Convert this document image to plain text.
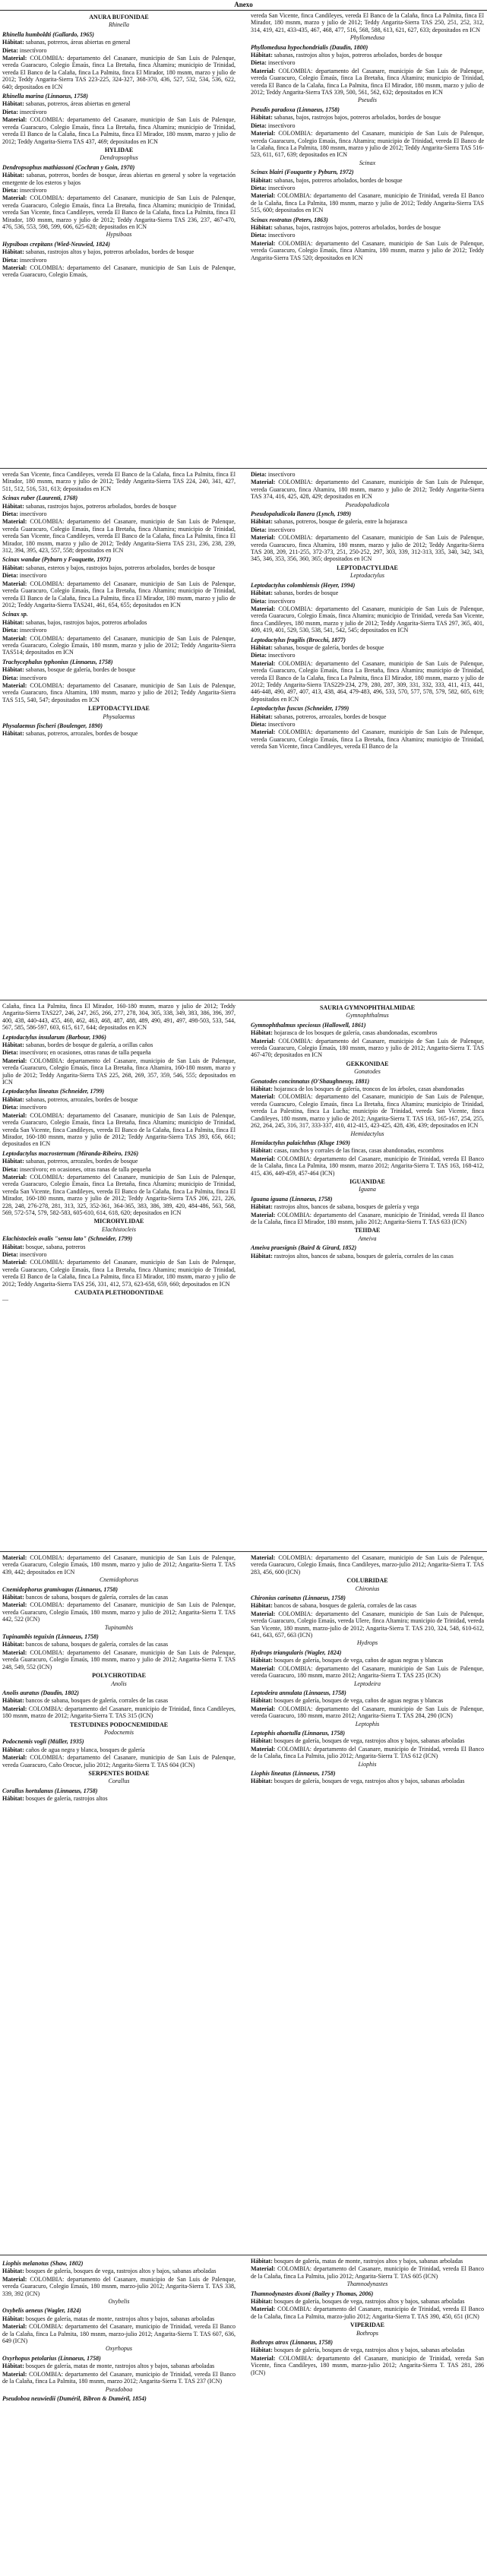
Anexo
ANURA BUFONIDAE
Rhinella
Rhinella humboldti (Gallardo, 1965)

Hábitat: sabanas, potreros, áreas abiertas en general

Dieta: insectívoro

Material: COLOMBIA: departamento del Casanare, municipio de San Luis de Palenque, vereda Guaracuro, Colegio Emaús, finca La Bretaña, finca Altamira; municipio de Trinidad, vereda El Banco de la Calaña, finca La Palmita, finca El Mirador, 180 msnm, marzo y julio de 2012; Teddy Angarita-Sierra TAS 223-225, 324-327, 368-370, 436, 527, 532, 534, 536, 622, 640; depositados en ICN

Rhinella marina (Linnaeus, 1758)

Hábitat: sabanas, potreros, áreas abiertas en general

Dieta: insectívoro

Material: COLOMBIA: departamento del Casanare, municipio de San Luis de Palenque, vereda Guaracuro, Colegio Emaús, finca La Bretaña, finca Altamira; municipio de Trinidad, vereda El Banco de la Calaña, finca La Palmita, finca El Mirador, 180 msnm, marzo y julio de 2012; Teddy Angarita-Sierra TAS 437, 469; depositados en ICN

HYLIDAE
Dendropsophus
Dendropsophus mathiassoni (Cochran y Goin, 1970)

Hábitat: sabanas, potreros, bordes de bosque, áreas abiertas en general y sobre la vegetación emergente de los esteros y bajos

Dieta: insectívoro

Material: COLOMBIA: departamento del Casanare, municipio de San Luis de Palenque, vereda Guaracuro, Colegio Emaús, finca La Bretaña, finca Altamira; municipio de Trinidad, vereda San Vicente, finca Candileyes, vereda El Banco de la Calaña, finca La Palmita, finca El Mirador, 180 msnm, marzo y julio de 2012; Teddy Angarita-Sierra TAS 236, 237, 467-470, 476, 536, 553, 598, 599, 606, 625-628; depositados en ICN

Hypsiboas
Hypsiboas crepitans (Wied-Neuwied, 1824)

Hábitat: sabanas, rastrojos altos y bajos, potreros arbolados, bordes de bosque

Dieta: insectívoro

Material: COLOMBIA: departamento del Casanare, municipio de San Luis de Palenque, vereda Guaracuro, Colegio Emaús,

vereda San Vicente, finca Candileyes, vereda El Banco de la Calaña, finca La Palmita, finca El Mirador, 180 msnm, marzo y julio de 2012; Teddy Angarita-Sierra TAS 250, 251, 252, 312, 314, 419, 421, 433-435, 467, 468, 477, 516, 568, 588, 613, 621, 627, 633; depositados en ICN

Phyllomedusa
Phyllomedusa hypochondrialis (Daudin, 1800)

Hábitat: sabanas, rastrojos altos y bajos, potreros arbolados, bordes de bosque

Dieta: insectívoro

Material: COLOMBIA: departamento del Casanare, municipio de San Luis de Palenque, vereda Guaracuro, Colegio Emaús, finca La Bretaña, finca Altamira; municipio de Trinidad, vereda El Banco de la Calaña, finca La Palmita, finca El Mirador, 180 msnm, marzo y julio de 2012; Teddy Angarita-Sierra TAS 339, 500, 561, 562, 632; depositados en ICN

Pseudis
Pseudis paradoxa (Linnaeus, 1758)

Hábitat: sabanas, bajos, rastrojos bajos, potreros arbolados, bordes de bosque

Dieta: insectívoro

Material: COLOMBIA: departamento del Casanare, municipio de San Luis de Palenque, vereda Guaracuro, Colegio Emaús, finca Altamira; municipio de Trinidad, vereda El Banco de la Calaña, finca La Palmita, 180 msnm, marzo y julio de 2012; Teddy Angarita-Sierra TAS 516-523, 611, 617, 639; depositados en ICN

Scinax
Scinax blairi (Fouquette y Pyburn, 1972)

Hábitat: sabanas, bajos, potreros arbolados, bordes de bosque

Dieta: insectívoro

Material: COLOMBIA: departamento del Casanare, municipio de Trinidad, vereda El Banco de la Calaña, finca La Palmita, 180 msnm, marzo y julio de 2012; Teddy Angarita-Sierra TAS 515, 600; depositados en ICN

Scinax rostratus (Peters, 1863)

Hábitat: sabanas, bajos, rastrojos bajos, potreros arbolados, bordes de bosque

Dieta: insectívoro

Material: COLOMBIA: departamento del Casanare, municipio de San Luis de Palenque, vereda Guaracuro, Colegio Emaús, finca Altamira, 180 msnm, marzo y julio de 2012; Teddy Angarita-Sierra TAS 520; depositados en ICN

vereda San Vicente, finca Candileyes, vereda El Banco de la Calaña, finca La Palmita, finca El Mirador, 180 msnm, marzo y julio de 2012; Teddy Angarita-Sierra TAS 224, 240, 341, 427, 511, 512, 516, 531, 613; depositados en ICN

Scinax ruber (Laurenti, 1768)

Hábitat: sabanas, rastrojos bajos, potreros arbolados, bordes de bosque

Dieta: insectívoro

Material: COLOMBIA: departamento del Casanare, municipio de San Luis de Palenque, vereda Guaracuro, Colegio Emaús, finca La Bretaña, finca Altamira; municipio de Trinidad, vereda San Vicente, finca Candileyes, vereda El Banco de la Calaña, finca La Palmita, finca El Mirador, 180 msnm, marzo y julio de 2012; Teddy Angarita-Sierra TAS 231, 236, 238, 239, 312, 394, 395, 423, 557, 558; depositados en ICN

Scinax wandae (Pyburn y Fouquette, 1971)

Hábitat: sabanas, esteros y bajos, rastrojos bajos, potreros arbolados, bordes de bosque

Dieta: insectívoro

Material: COLOMBIA: departamento del Casanare, municipio de San Luis de Palenque, vereda Guaracuro, Colegio Emaús, finca La Bretaña, finca Altamira; municipio de Trinidad, vereda El Banco de la Calaña, finca La Palmita, finca El Mirador, 180 msnm, marzo y julio de 2012; Teddy Angarita-Sierra TAS241, 461, 654, 655; depositados en ICN

Scinax sp.

Hábitat: sabanas, bajos, rastrojos bajos, potreros arbolados

Dieta: insectívoro

Material: COLOMBIA: departamento del Casanare, municipio de San Luis de Palenque, vereda Guaracuro, Colegio Emaús, 180 msnm, marzo y julio de 2012; Teddy Angarita-Sierra TAS514; depositados en ICN

Trachycephalus typhonius (Linnaeus, 1758)

Hábitat: sabanas, bosque de galería, bordes de bosque

Dieta: insectívoro

Material: COLOMBIA: departamento del Casanare, municipio de San Luis de Palenque, vereda Guaracuro, finca Altamira, 180 msnm, marzo y julio de 2012; Teddy Angarita-Sierra TAS 515, 540, 547; depositados en ICN

LEPTODACTYLIDAE
Physalaemus
Physalaemus fischeri (Boulenger, 1890)

Hábitat: sabanas, potreros, arrozales, bordes de bosque

Dieta: insectívoro

Material: COLOMBIA: departamento del Casanare, municipio de San Luis de Palenque, vereda Guaracuro, finca Altamira, 180 msnm, marzo y julio de 2012; Teddy Angarita-Sierra TAS 374, 416, 425, 428, 429; depositados en ICN

Pseudopaludicola
Pseudopaludicola llanera (Lynch, 1989)

Hábitat: sabanas, potreros, bosque de galería, entre la hojarasca

Dieta: insectívoro

Material: COLOMBIA: departamento del Casanare, municipio de San Luis de Palenque, vereda Guaracuro, finca Altamira, 180 msnm, marzo y julio de 2012; Teddy Angarita-Sierra TAS 208, 209, 211-255, 372-373, 251, 250-252, 297, 303, 339, 312-313, 335, 340, 342, 343, 345, 346, 353, 356, 360, 365; depositados en ICN

LEPTODACTYLIDAE
Leptodactylus
Leptodactylus colombiensis (Heyer, 1994)

Hábitat: sabanas, bordes de bosque

Dieta: insectívoro

Material: COLOMBIA: departamento del Casanare, municipio de San Luis de Palenque, vereda Guaracuro, Colegio Emaús, finca Altamira; municipio de Trinidad, vereda San Vicente, finca Candileyes, 180 msnm, marzo y julio de 2012; Teddy Angarita-Sierra TAS 297, 365, 401, 409, 419, 401, 529, 530, 538, 541, 542, 545; depositados en ICN

Leptodactylus fragilis (Brocchi, 1877)

Hábitat: sabanas, bosque de galería, bordes de bosque

Dieta: insectívoro

Material: COLOMBIA: departamento del Casanare, municipio de San Luis de Palenque, vereda Guaracuro, Colegio Emaús, finca La Bretaña, finca Altamira; municipio de Trinidad, vereda El Banco de la Calaña, finca La Palmita, finca El Mirador, 180 msnm, marzo y julio de 2012; Teddy Angarita-Sierra TAS229-234, 279, 280, 287, 309, 331, 332, 333, 411, 413, 441, 446-448, 490, 497, 407, 413, 438, 464, 479-483, 496, 533, 570, 577, 578, 579, 582, 605, 619; depositados en ICN

Leptodactylus fuscus (Schneider, 1799)

Hábitat: sabanas, potreros, arrozales, bordes de bosque

Dieta: insectívoro

Material: COLOMBIA: departamento del Casanare, municipio de San Luis de Palenque, vereda Guaracuro, Colegio Emaús, finca La Bretaña, finca Altamira; municipio de Trinidad, vereda San Vicente, finca Candileyes, vereda El Banco de la

Calaña, finca La Palmita, finca El Mirador, 160-180 msnm, marzo y julio de 2012; Teddy Angarita-Sierra TAS227, 246, 247, 265, 266, 277, 278, 304, 305, 338, 349, 383, 386, 396, 397, 400, 438, 440-443, 455, 460, 462, 463, 468, 487, 488, 489, 490, 491, 497, 498-503, 533, 544, 567, 585, 586-597, 603, 615, 617, 644; depositados en ICN

Leptodactylus insularum (Barbour, 1906)

Hábitat: sabanas, bordes de bosque de galería, a orillas caños

Dieta: insectívoro; en ocasiones, otras ranas de talla pequeña

Material: COLOMBIA: departamento del Casanare, municipio de San Luis de Palenque, vereda Guaracuro, Colegio Emaús, finca La Bretaña, finca Altamira, 160-180 msnm, marzo y julio de 2012; Teddy Angarita-Sierra TAS 225, 268, 269, 357, 359, 546, 555; depositados en ICN

Leptodactylus lineatus (Schneider, 1799)

Hábitat: sabanas, potreros, arrozales, bordes de bosque

Dieta: insectívoro

Material: COLOMBIA: departamento del Casanare, municipio de San Luis de Palenque, vereda Guaracuro, Colegio Emaús, finca La Bretaña, finca Altamira; municipio de Trinidad, vereda San Vicente, finca Candileyes, vereda El Banco de la Calaña, finca La Palmita, finca El Mirador, 160-180 msnm, marzo y julio de 2012; Teddy Angarita-Sierra TAS 393, 656, 661; depositados en ICN

Leptodactylus macrosternum (Miranda-Ribeiro, 1926)

Hábitat: sabanas, potreros, arrozales, bordes de bosque

Dieta: insectívoro; en ocasiones, otras ranas de talla pequeña

Material: COLOMBIA: departamento del Casanare, municipio de San Luis de Palenque, vereda Guaracuro, Colegio Emaús, finca La Bretaña, finca Altamira; municipio de Trinidad, vereda San Vicente, finca Candileyes, vereda El Banco de la Calaña, finca La Palmita, finca El Mirador, 160-180 msnm, marzo y julio de 2012; Teddy Angarita-Sierra TAS 206, 221, 226, 228, 248, 276-278, 281, 313, 325, 352-361, 364-365, 383, 386, 389, 420, 484-486, 563, 568, 569, 572-574, 579, 582-583, 605-610, 614, 618, 620; depositados en ICN

MICROHYLIDAE
Elachistocleis
Elachistocleis ovalis "sensu lato" (Schneider, 1799)

Hábitat: bosque, sabana, potreros

Dieta: insectívoro

Material: COLOMBIA: departamento del Casanare, municipio de San Luis de Palenque, vereda Guaracuro, Colegio Emaús, finca La Bretaña, finca Altamira; municipio de Trinidad, vereda El Banco de la Calaña, finca La Palmita, finca El Mirador, 180 msnm, marzo y julio de 2012; Teddy Angarita-Sierra TAS 256, 331, 412, 573, 623-658, 659, 660; depositados en ICN

CAUDATA PLETHODONTIDAE

—

SAURIA GYMNOPHTHALMIDAE
Gymnophthalmus
Gymnophthalmus speciosus (Hallowell, 1861)

Hábitat: hojarasca de los bosques de galería, casas abandonadas, escombros

Material: COLOMBIA: departamento del Casanare, municipio de San Luis de Palenque, vereda Guaracuro, Colegio Emaús, 180 msnm, marzo y julio de 2012; Angarita-Sierra T. TAS 467-470; depositados en ICN

GEKKONIDAE
Gonatodes
Gonatodes concinnatus (O'Shaughnessy, 1881)

Hábitat: hojarasca de los bosques de galería, troncos de los árboles, casas abandonadas

Material: COLOMBIA: departamento del Casanare, municipio de San Luis de Palenque, vereda Guaracuro, Colegio Emaús, finca La Bretaña, finca Altamira; municipio de Trinidad, vereda La Palestina, finca La Lucha; municipio de Trinidad, vereda San Vicente, finca Candileyes, 180 msnm, marzo y julio de 2012; Angarita-Sierra T. TAS 163, 165-167, 254, 255, 262, 264, 245, 316, 317, 333-337, 410, 412-415, 423-425, 428, 436, 439; depositados en ICN

Hemidactylus
Hemidactylus palaichthus (Kluge 1969)

Hábitat: casas, ranchos y corrales de las fincas, casas abandonadas, escombros

Material: COLOMBIA: departamento del Casanare, municipio de Trinidad, vereda El Banco de la Calaña, finca La Palmita, 180 msnm, marzo 2012; Angarita-Sierra T. TAS 163, 168-412, 415, 436, 449-459, 457-464 (ICN)

IGUANIDAE
Iguana
Iguana iguana (Linnaeus, 1758)

Hábitat: rastrojos altos, bancos de sabana, bosques de galería y vega

Material: COLOMBIA: departamento del Casanare, municipio de Trinidad, vereda El Banco de la Calaña, finca El Mirador, 180 msnm, julio 2012; Angarita-Sierra T. TAS 633 (ICN)

TEIIDAE
Ameiva
Ameiva praesignis (Baird & Girard, 1852)

Hábitat: rastrojos altos, bancos de sabana, bosques de galería, corrales de las casas

Material: COLOMBIA: departamento del Casanare, municipio de San Luis de Palenque, vereda Guaracuro, Colegio Emaús, 180 msnm, marzo y julio de 2012; Angarita-Sierra T. TAS 439, 442; depositados en ICN

Cnemidophorus
Cnemidophorus gramivagus (Linnaeus, 1758)

Hábitat: bancos de sabana, bosques de galería, corrales de las casas

Material: COLOMBIA: departamento del Casanare, municipio de San Luis de Palenque, vereda Guaracuro, Colegio Emaús, 180 msnm, marzo y julio de 2012; Angarita-Sierra T. TAS 442, 522 (ICN)

Tupinambis
Tupinambis teguixin (Linnaeus, 1758)

Hábitat: bancos de sabana, bosques de galería, corrales de las casas

Material: COLOMBIA: departamento del Casanare, municipio de San Luis de Palenque, vereda Guaracuro, Colegio Emaús, 180 msnm, marzo y julio de 2012; Angarita-Sierra T. TAS 248, 549, 552 (ICN)

POLYCHROTIDAE
Anolis
Anolis auratus (Daudin, 1802)

Hábitat: bancos de sabana, bosques de galería, corrales de las casas

Material: COLOMBIA: departamento del Casanare, municipio de Trinidad, finca Candileyes, 180 msnm, marzo de 2012; Angarita-Sierra T. TAS 315 (ICN)

TESTUDINES PODOCNEMIDIDAE
Podocnemis
Podocnemis vogli (Müller, 1935)

Hábitat: caños de agua negra y blanca, bosques de galería

Material: COLOMBIA: departamento del Casanare, municipio de San Luis de Palenque, vereda Guaracuro, Caño Orocue, julio 2012; Angarita-Sierra T. TAS 604 (ICN)

SERPENTES BOIDAE
Corallus
Corallus hortulanus (Linnaeus, 1758)

Hábitat: bosques de galería, rastrojos altos

Material: COLOMBIA: departamento del Casanare, municipio de San Luis de Palenque, vereda Guaracuro, Colegio Emaús, finca Candileyes, marzo-julio 2012; Angarita-Sierra T. TAS 283, 456, 600 (ICN)

COLUBRIDAE
Chironius
Chironius carinatus (Linnaeus, 1758)

Hábitat: bancos de sabana, bosques de galería, corrales de las casas

Material: COLOMBIA: departamento del Casanare, municipio de San Luis de Palenque, vereda Guaracuro, Colegio Emaús, vereda Ulere, finca Altamira; municipio de Trinidad, vereda San Vicente, 180 msnm, marzo-julio de 2012; Angarita-Sierra T. TAS 210, 324, 548, 610-612, 641, 643, 657, 663 (ICN)

Hydrops
Hydrops triangularis (Wagler, 1824)

Hábitat: bosques de galería, bosques de vega, caños de aguas negras y blancas

Material: COLOMBIA: departamento del Casanare, municipio de San Luis de Palenque, vereda Guaracuro, 180 msnm, marzo 2012; Angarita-Sierra T. TAS 235 (ICN)

Leptodeira
Leptodeira annulata (Linnaeus, 1758)

Hábitat: bosques de galería, bosques de vega, caños de aguas negras y blancas

Material: COLOMBIA: departamento del Casanare, municipio de San Luis de Palenque, vereda Guaracuro, 180 msnm, marzo 2012; Angarita-Sierra T. TAS 284, 290 (ICN)

Leptophis
Leptophis ahaetulla (Linnaeus, 1758)

Hábitat: bosques de galería, bosques de vega, rastrojos altos y bajos, sabanas arboladas

Material: COLOMBIA: departamento del Casanare, municipio de Trinidad, vereda El Banco de la Calaña, finca La Palmita, julio 2012; Angarita-Sierra T. TAS 612 (ICN)

Liophis
Liophis lineatus (Linnaeus, 1758)

Hábitat: bosques de galería, bosques de vega, rastrojos altos y bajos, sabanas arboladas

Liophis melanotus (Shaw, 1802)

Hábitat: bosques de galería, bosques de vega, rastrojos altos y bajos, sabanas arboladas

Material: COLOMBIA: departamento del Casanare, municipio de San Luis de Palenque, vereda Guaracuro, Colegio Emaús, 180 msnm, marzo-julio 2012; Angarita-Sierra T. TAS 338, 339, 392 (ICN)

Oxybelis
Oxybelis aeneus (Wagler, 1824)

Hábitat: bosques de galería, matas de monte, rastrojos altos y bajos, sabanas arboladas

Material: COLOMBIA: departamento del Casanare, municipio de Trinidad, vereda El Banco de la Calaña, finca La Palmita, 180 msnm, marzo-julio 2012; Angarita-Sierra T. TAS 607, 636, 649 (ICN)

Oxyrhopus
Oxyrhopus petolarius (Linnaeus, 1758)

Hábitat: bosques de galería, matas de monte, rastrojos altos y bajos, sabanas arboladas

Material: COLOMBIA: departamento del Casanare, municipio de Trinidad, vereda El Banco de la Calaña, finca La Palmita, 180 msnm, marzo 2012; Angarita-Sierra T. TAS 237 (ICN)

Pseudoboa
Pseudoboa neuwiedii (Duméril, Bibron & Duméril, 1854)

Hábitat: bosques de galería, matas de monte, rastrojos altos y bajos, sabanas arboladas

Material: COLOMBIA: departamento del Casanare, municipio de Trinidad, vereda El Banco de la Calaña, finca La Palmita, julio 2012; Angarita-Sierra T. TAS 605 (ICN)

Thamnodynastes
Thamnodynastes dixoni (Bailey y Thomas, 2006)

Hábitat: bosques de galería, bosques de vega, rastrojos altos y bajos, sabanas arboladas

Material: COLOMBIA: departamento del Casanare, municipio de Trinidad, vereda El Banco de la Calaña, finca La Palmita, marzo-julio 2012; Angarita-Sierra T. TAS 390, 450, 651 (ICN)

VIPERIDAE
Bothrops
Bothrops atrox (Linnaeus, 1758)

Hábitat: bosques de galería, bosques de vega, rastrojos altos y bajos, sabanas arboladas

Material: COLOMBIA: departamento del Casanare, municipio de Trinidad, vereda San Vicente, finca Candileyes, 180 msnm, marzo-julio 2012; Angarita-Sierra T. TAS 281, 286 (ICN)
